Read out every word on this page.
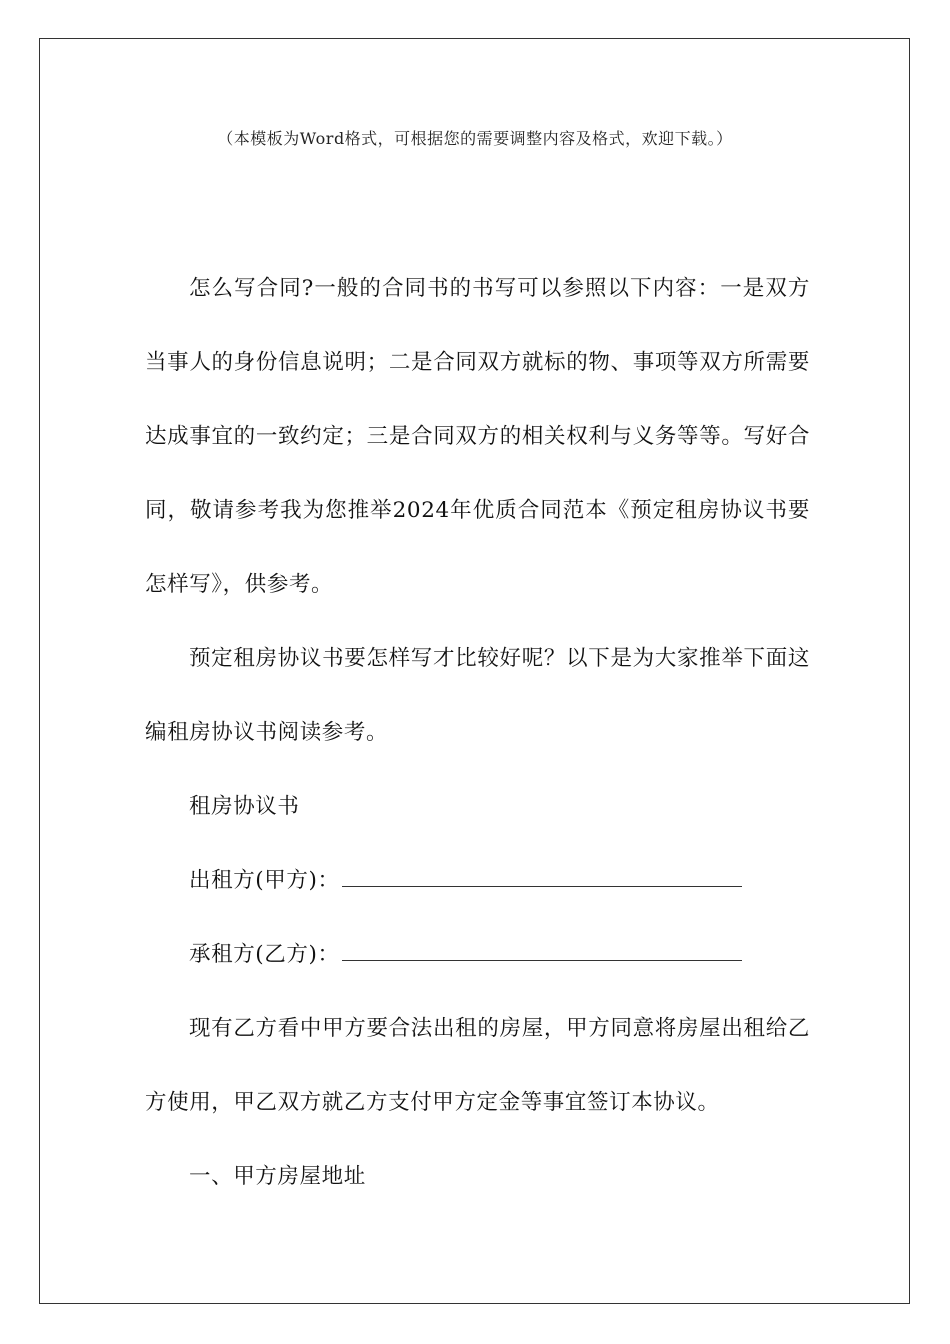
（本模板为Word格式，可根据您的需要调整内容及格式，欢迎下载。）

怎么写合同?一般的合同书的书写可以参照以下内容：一是双方当事人的身份信息说明；二是合同双方就标的物、事项等双方所需要达成事宜的一致约定；三是合同双方的相关权利与义务等等。写好合同，敬请参考我为您推举2024年优质合同范本《预定租房协议书要怎样写》，供参考。

预定租房协议书要怎样写才比较好呢？以下是为大家推举下面这编租房协议书阅读参考。

租房协议书

出租方(甲方)：

承租方(乙方)：

现有乙方看中甲方要合法出租的房屋，甲方同意将房屋出租给乙方使用，甲乙双方就乙方支付甲方定金等事宜签订本协议。

一、甲方房屋地址
